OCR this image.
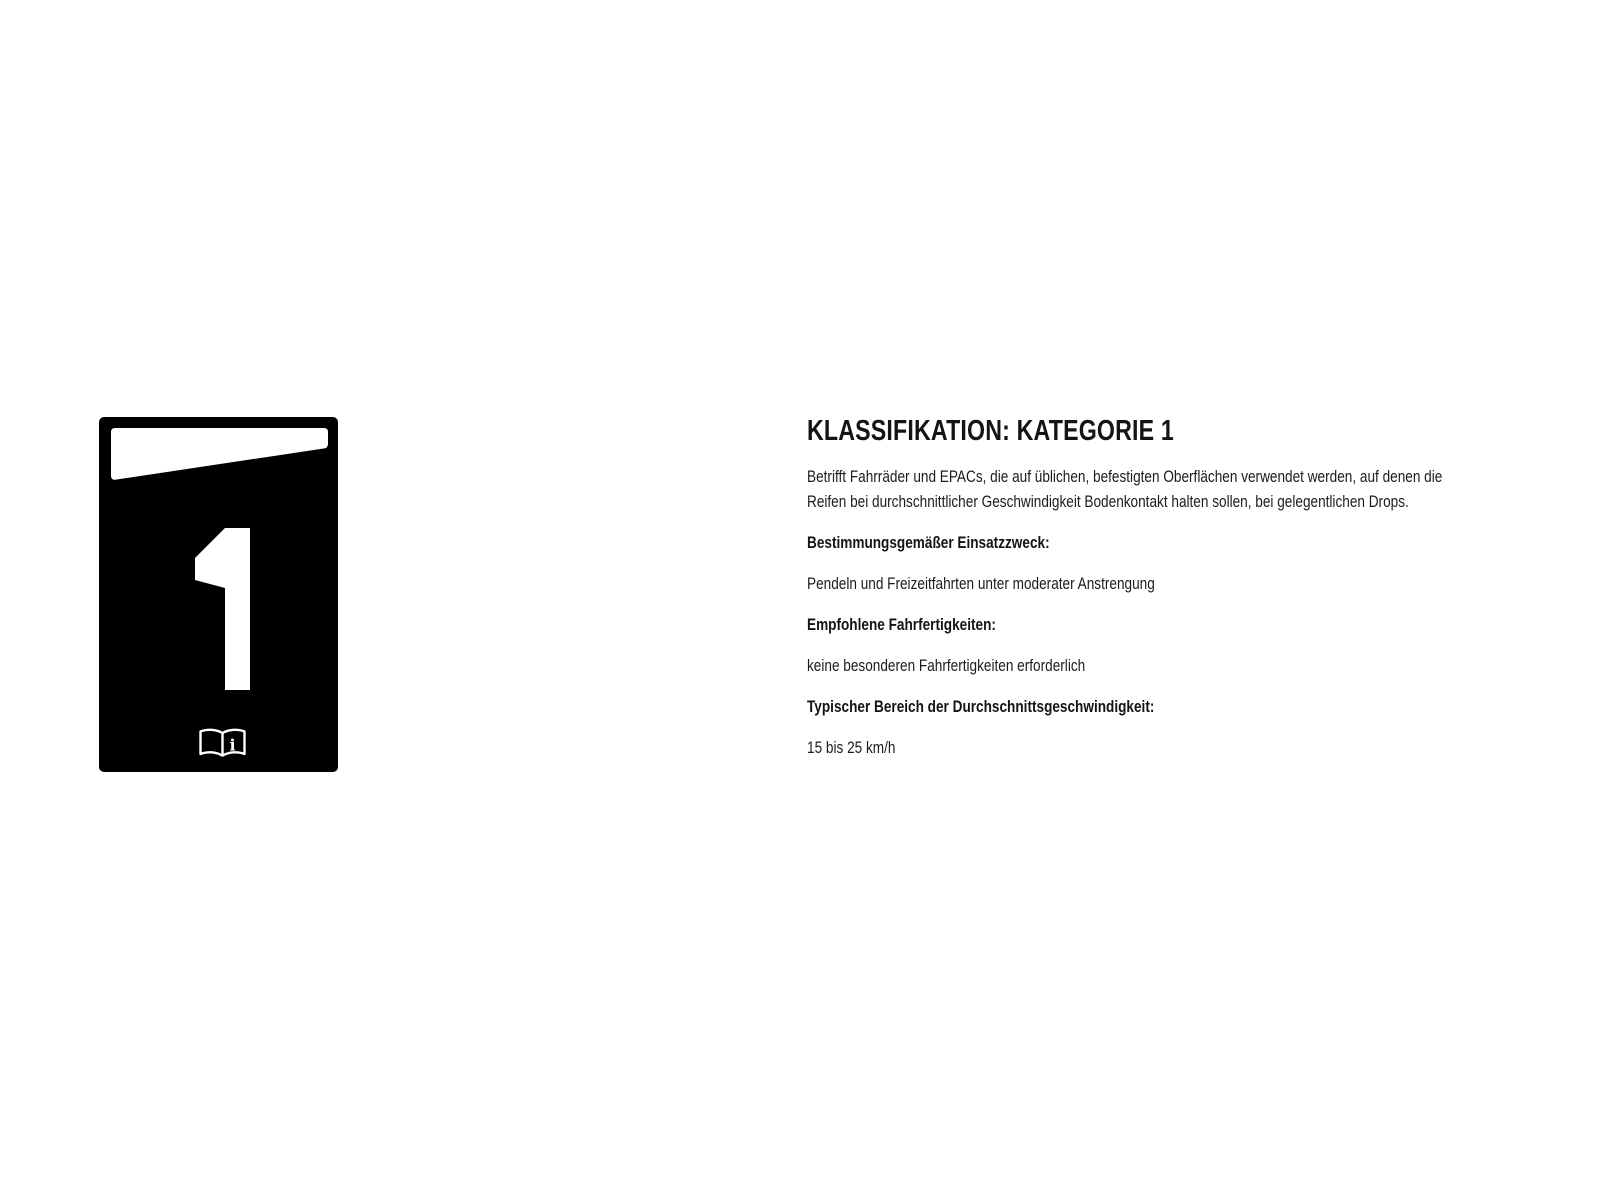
i
KLASSIFIKATION: KATEGORIE 1

Betrifft Fahrräder und EPACs, die auf üblichen, befestigten Oberflächen verwendet werden, auf denen die Reifen bei durchschnittlicher Geschwindigkeit Bodenkontakt halten sollen, bei gelegentlichen Drops.

Bestimmungsgemäßer Einsatzzweck:

Pendeln und Freizeitfahrten unter moderater Anstrengung

Empfohlene Fahrfertigkeiten:

keine besonderen Fahrfertigkeiten erforderlich

Typischer Bereich der Durchschnittsgeschwindigkeit:

15 bis 25 km/h
